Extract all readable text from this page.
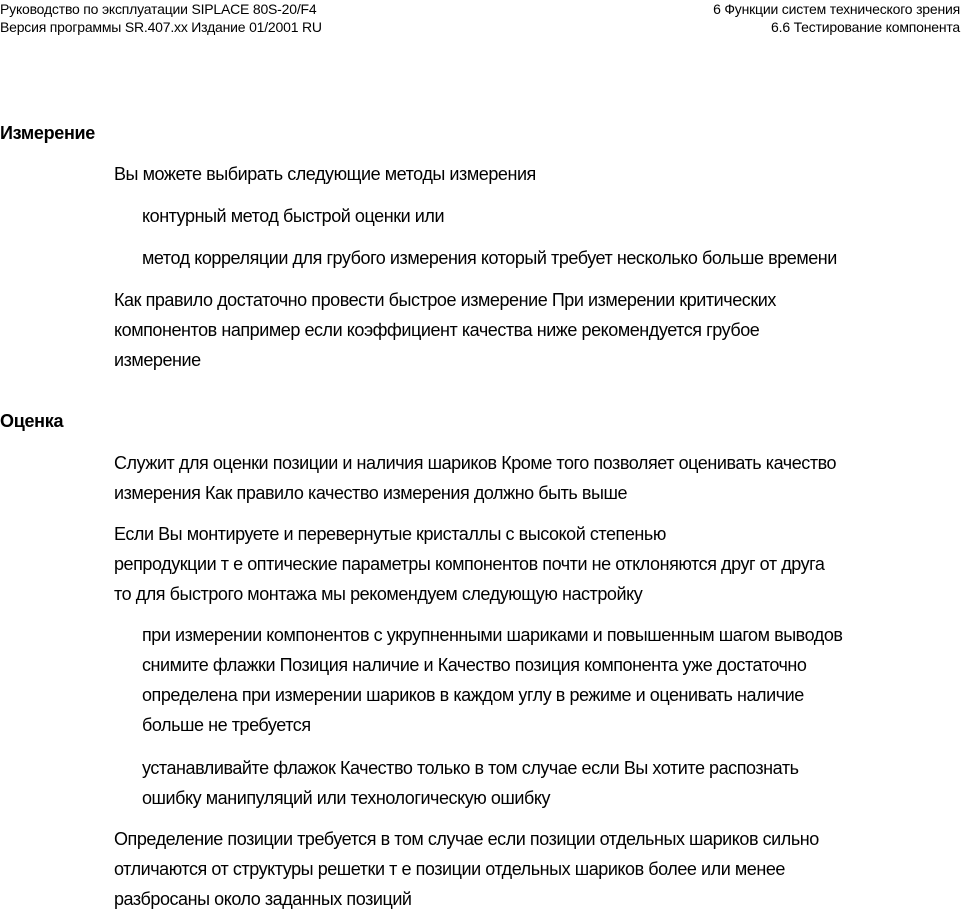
Руководство по эксплуатации SIPLACE 80S-20/F4
Версия программы SR.407.xx Издание 01/2001 RU
6 Функции систем технического зрения
6.6 Тестирование компонента
Измерение
Вы можете выбирать следующие методы измерения
контурный метод быстрой оценки или
метод корреляции для грубого измерения который требует несколько больше времени
Как правило достаточно провести быстрое измерение При измерении критических
компонентов например если коэффициент качества ниже рекомендуется грубое
измерение
Оценка
Служит для оценки позиции и наличия шариков Кроме того позволяет оценивать качество
измерения Как правило качество измерения должно быть выше
Если Вы монтируете и перевернутые кристаллы с высокой степенью
репродукции т е оптические параметры компонентов почти не отклоняются друг от друга
то для быстрого монтажа мы рекомендуем следующую настройку
при измерении компонентов с укрупненными шариками и повышенным шагом выводов
снимите флажки Позиция наличие и Качество позиция компонента уже достаточно
определена при измерении шариков в каждом углу в режиме и оценивать наличие
больше не требуется
устанавливайте флажок Качество только в том случае если Вы хотите распознать
ошибку манипуляций или технологическую ошибку
Определение позиции требуется в том случае если позиции отдельных шариков сильно
отличаются от структуры решетки т е позиции отдельных шариков более или менее
разбросаны около заданных позиций
